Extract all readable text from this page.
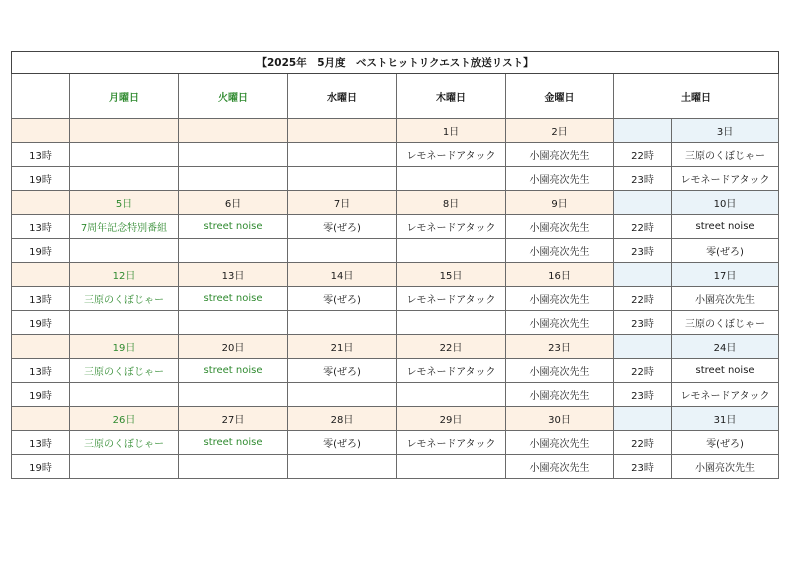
【2025年　5月度　ベストヒットリクエスト放送リスト】							
	月曜日	火曜日	水曜日	木曜日	金曜日	土曜日	
				1日	2日		3日
13時				レモネードアタック	小園亮次先生	22時	三原のくぼじゃー
19時					小園亮次先生	23時	レモネードアタック
	5日	6日	7日	8日	9日		10日
13時	7周年記念特別番組	street noise	零(ぜろ)	レモネードアタック	小園亮次先生	22時	street noise
19時					小園亮次先生	23時	零(ぜろ)
	12日	13日	14日	15日	16日		17日
13時	三原のくぼじゃー	street noise	零(ぜろ)	レモネードアタック	小園亮次先生	22時	小園亮次先生
19時					小園亮次先生	23時	三原のくぼじゃー
	19日	20日	21日	22日	23日		24日
13時	三原のくぼじゃー	street noise	零(ぜろ)	レモネードアタック	小園亮次先生	22時	street noise
19時					小園亮次先生	23時	レモネードアタック
	26日	27日	28日	29日	30日		31日
13時	三原のくぼじゃー	street noise	零(ぜろ)	レモネードアタック	小園亮次先生	22時	零(ぜろ)
19時					小園亮次先生	23時	小園亮次先生
